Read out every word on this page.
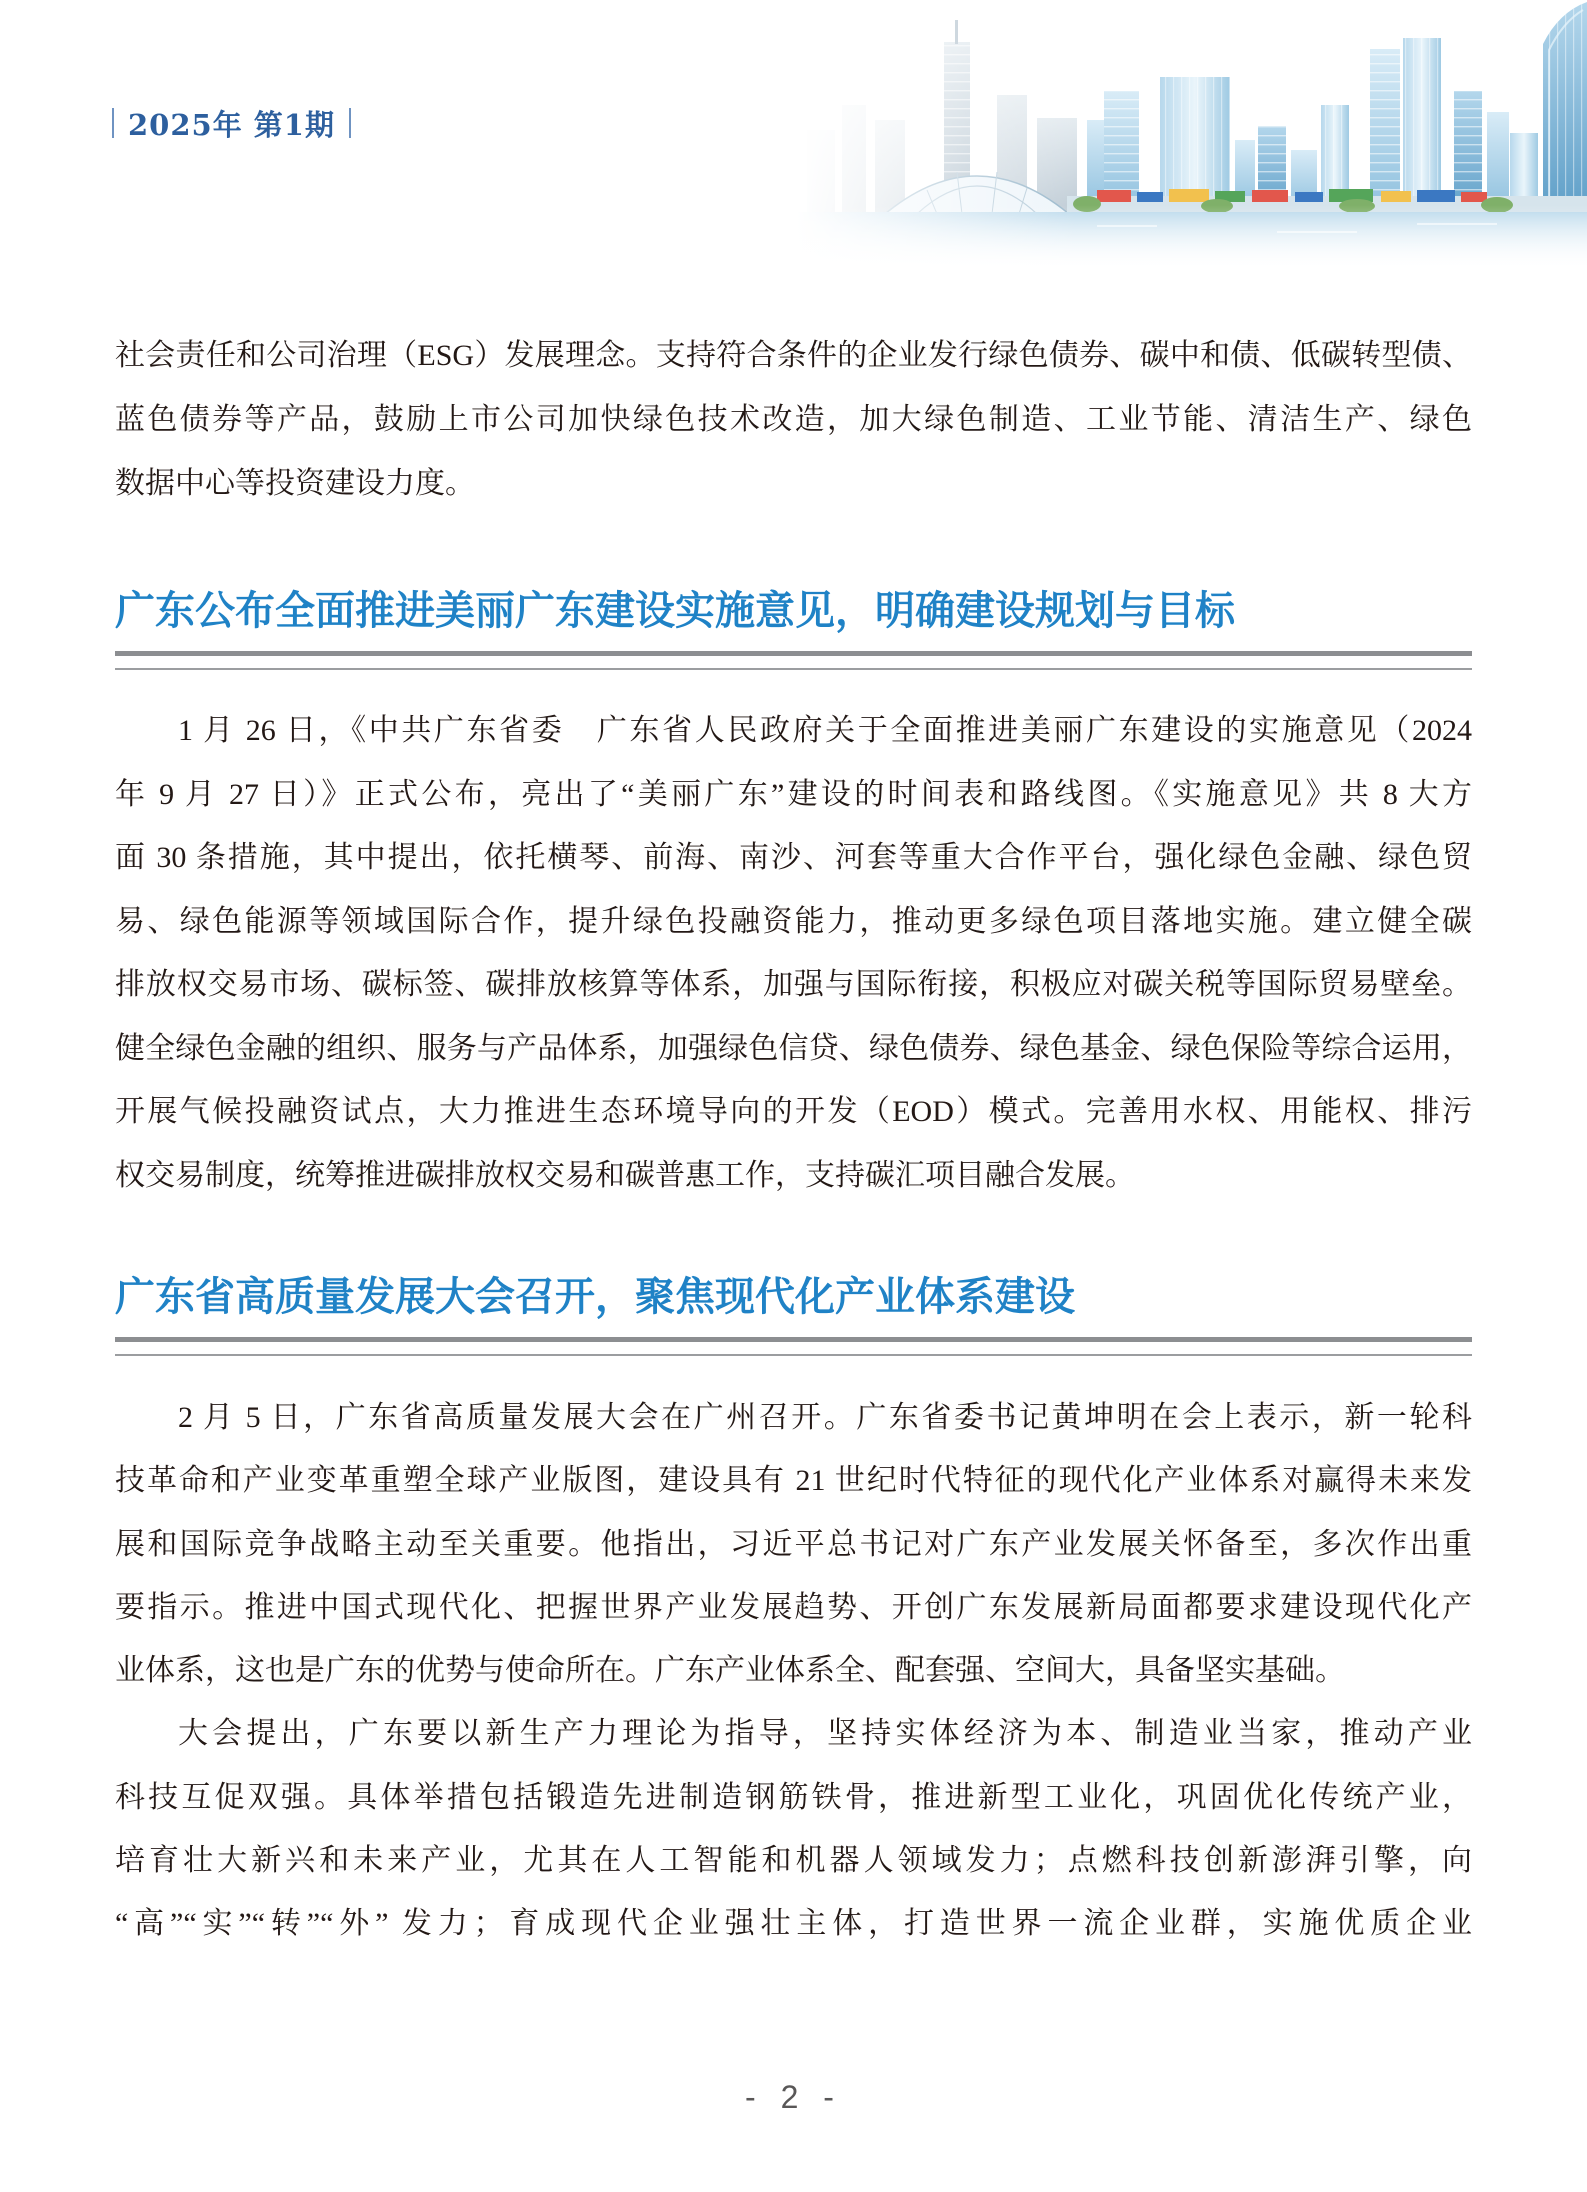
2025年 第1期
社会责任和公司治理（ESG）发展理念。支持符合条件的企业发行绿色债券、碳中和债、低碳转型债、
蓝色债券等产品，鼓励上市公司加快绿色技术改造，加大绿色制造、工业节能、清洁生产、绿色
数据中心等投资建设力度。
广东公布全面推进美丽广东建设实施意见，明确建设规划与目标
1 月 26 日，《中共广东省委　广东省人民政府关于全面推进美丽广东建设的实施意见（2024
年 9 月 27 日）》正式公布，亮出了“美丽广东”建设的时间表和路线图。《实施意见》共 8 大方
面 30 条措施，其中提出，依托横琴、前海、南沙、河套等重大合作平台，强化绿色金融、绿色贸
易、绿色能源等领域国际合作，提升绿色投融资能力，推动更多绿色项目落地实施。建立健全碳
排放权交易市场、碳标签、碳排放核算等体系，加强与国际衔接，积极应对碳关税等国际贸易壁垒。
健全绿色金融的组织、服务与产品体系，加强绿色信贷、绿色债券、绿色基金、绿色保险等综合运用，
开展气候投融资试点，大力推进生态环境导向的开发（EOD）模式。完善用水权、用能权、排污
权交易制度，统筹推进碳排放权交易和碳普惠工作，支持碳汇项目融合发展。
广东省高质量发展大会召开，聚焦现代化产业体系建设
2 月 5 日，广东省高质量发展大会在广州召开。广东省委书记黄坤明在会上表示，新一轮科
技革命和产业变革重塑全球产业版图，建设具有 21 世纪时代特征的现代化产业体系对赢得未来发
展和国际竞争战略主动至关重要。他指出，习近平总书记对广东产业发展关怀备至，多次作出重
要指示。推进中国式现代化、把握世界产业发展趋势、开创广东发展新局面都要求建设现代化产
业体系，这也是广东的优势与使命所在。广东产业体系全、配套强、空间大，具备坚实基础。
大会提出，广东要以新生产力理论为指导，坚持实体经济为本、制造业当家，推动产业
科技互促双强。具体举措包括锻造先进制造钢筋铁骨，推进新型工业化，巩固优化传统产业，
培育壮大新兴和未来产业，尤其在人工智能和机器人领域发力；点燃科技创新澎湃引擎，向
“高”“实”“转”“外” 发力；育成现代企业强壮主体，打造世界一流企业群，实施优质企业
- 2 -
